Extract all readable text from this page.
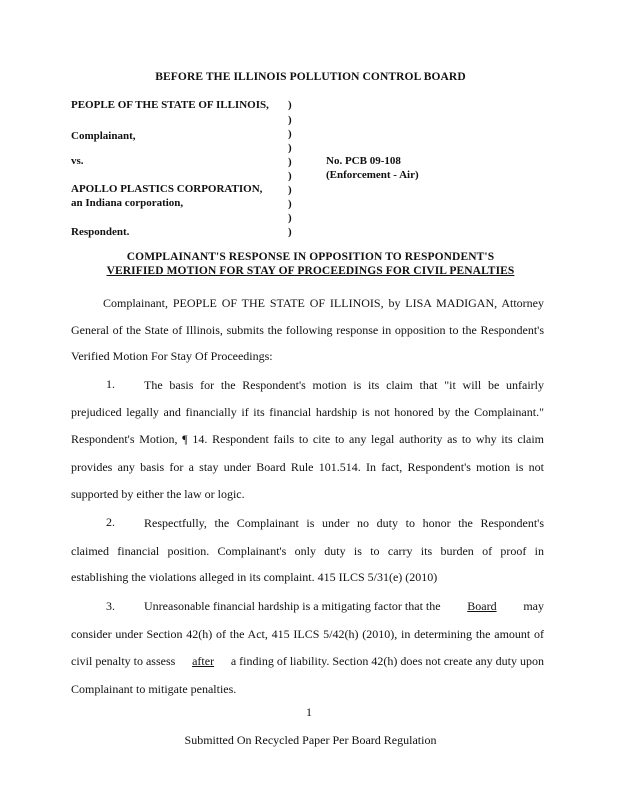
BEFORE THE ILLINOIS POLLUTION CONTROL BOARD
PEOPLE OF THE STATE OF ILLINOIS,
Complainant,
vs.
APOLLO PLASTICS CORPORATION,
an Indiana corporation,
Respondent.
)
)
)
)
)
)
)
)
)
)
No. PCB 09-108
(Enforcement - Air)
COMPLAINANT'S RESPONSE IN OPPOSITION TO RESPONDENT'S
VERIFIED MOTION FOR STAY OF PROCEEDINGS FOR CIVIL PENALTIES
Complainant, PEOPLE OF THE STATE OF ILLINOIS, by LISA MADIGAN, Attorney
General of the State of Illinois, submits the following response in opposition to the Respondent's
Verified Motion For Stay Of Proceedings:
1. The basis for the Respondent's motion is its claim that "it will be unfairly
prejudiced legally and financially if its financial hardship is not honored by the Complainant."
Respondent's Motion, ¶ 14. Respondent fails to cite to any legal authority as to why its claim
provides any basis for a stay under Board Rule 101.514. In fact, Respondent's motion is not
supported by either the law or logic.
2. Respectfully, the Complainant is under no duty to honor the Respondent's
claimed financial position. Complainant's only duty is to carry its burden of proof in
establishing the violations alleged in its complaint. 415 ILCS 5/31(e) (2010)
3. Unreasonable financial hardship is a mitigating factor that the Board may
consider under Section 42(h) of the Act, 415 ILCS 5/42(h) (2010), in determining the amount of
civil penalty to assess after a finding of liability. Section 42(h) does not create any duty upon
Complainant to mitigate penalties.
1
Submitted On Recycled Paper Per Board Regulation
